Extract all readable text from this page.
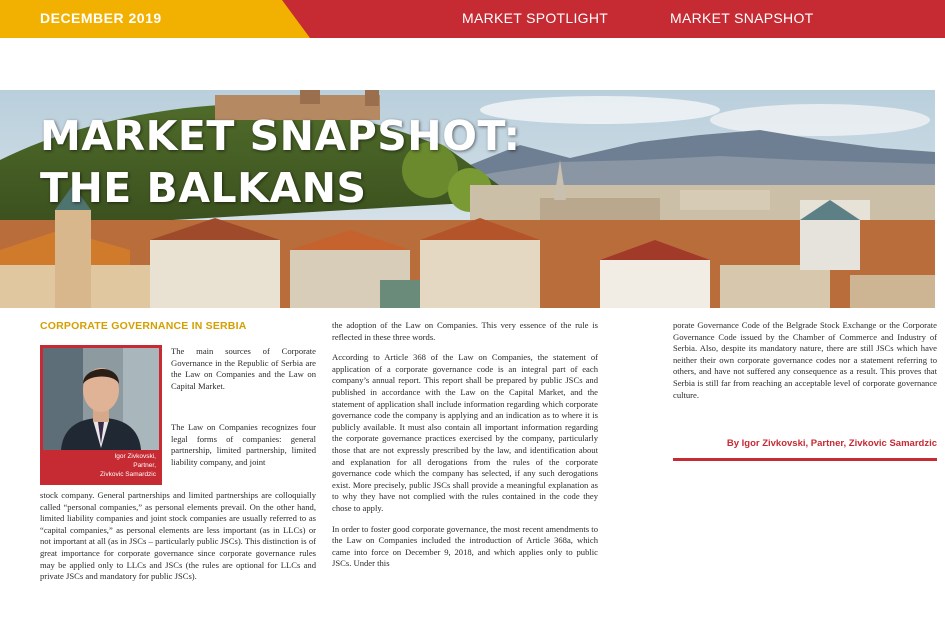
DECEMBER 2019	MARKET SPOTLIGHT	MARKET SNAPSHOT
MARKET SNAPSHOT:
THE BALKANS
CORPORATE GOVERNANCE IN SERBIA
Igor Zivkovski,
Partner,
Zivkovic Samardzic
The main sources of Corporate Governance in the Republic of Serbia are the Law on Companies and the Law on Capital Market.
The Law on Companies recognizes four legal forms of companies: general partnership, limited partnership, limited liability company, and joint
stock company. General partnerships and limited partnerships are colloquially called “personal companies,” as personal elements prevail. On the other hand, limited liability companies and joint stock companies are usually referred to as “capital companies,” as personal elements are less important (as in LLCs) or not important at all (as in JSCs – particularly public JSCs). This distinction is of great importance for corporate governance since corporate governance rules may be applied only to LLCs and JSCs (the rules are optional for LLCs and private JSCs and mandatory for public JSCs).
the adoption of the Law on Companies. This very essence of the rule is reflected in these three words.
According to Article 368 of the Law on Companies, the statement of application of a corporate governance code is an integral part of each company’s annual report. This report shall be prepared by public JSCs and published in accordance with the Law on the Capital Market, and the statement of application shall include information regarding which corporate governance code the company is applying and an indication as to where it is publicly available. It must also contain all important information regarding the corporate governance practices exercised by the company, particularly those that are not expressly prescribed by the law, and identification about and explanation for all derogations from the rules of the corporate governance code which the company has selected, if any such derogations exist. More precisely, public JSCs shall provide a meaningful explanation as to why they have not complied with the rules contained in the code they chose to apply.
In order to foster good corporate governance, the most recent amendments to the Law on Companies included the introduction of Article 368a, which came into force on December 9, 2018, and which applies only to public JSCs. Under this
porate Governance Code of the Belgrade Stock Exchange or the Corporate Governance Code issued by the Chamber of Commerce and Industry of Serbia. Also, despite its mandatory nature, there are still JSCs which have neither their own corporate governance codes nor a statement referring to others, and have not suffered any consequence as a result. This proves that Serbia is still far from reaching an acceptable level of corporate governance culture.
By Igor Zivkovski, Partner, Zivkovic Samardzic
